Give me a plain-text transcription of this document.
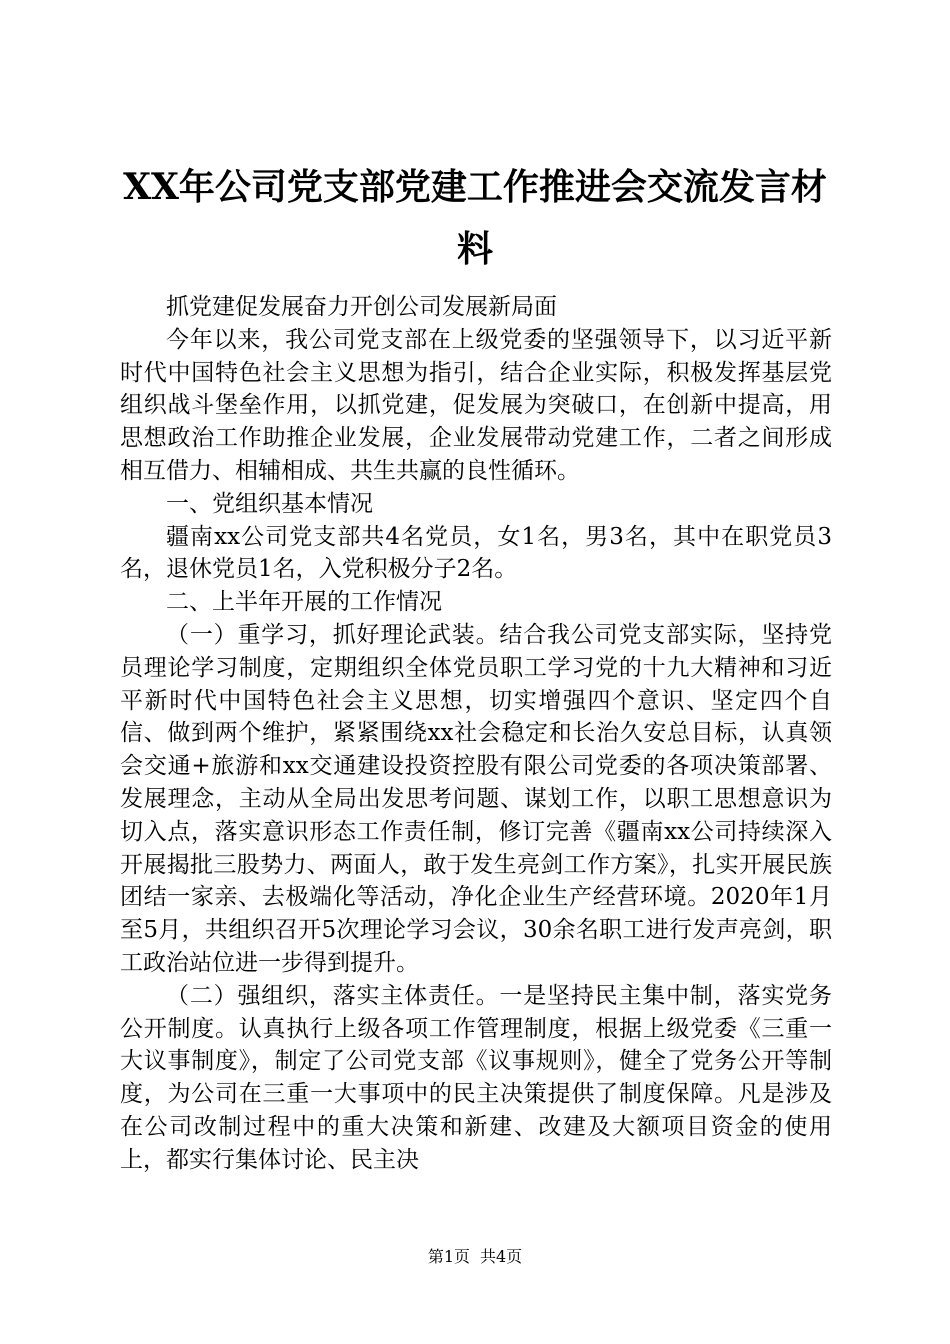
XX年公司党支部党建工作推进会交流发言材料

抓党建促发展奋力开创公司发展新局面

今年以来，我公司党支部在上级党委的坚强领导下，以习近平新时代中国特色社会主义思想为指引，结合企业实际，积极发挥基层党组织战斗堡垒作用，以抓党建，促发展为突破口，在创新中提高，用思想政治工作助推企业发展，企业发展带动党建工作，二者之间形成相互借力、相辅相成、共生共赢的良性循环。

一、党组织基本情况

疆南xx公司党支部共4名党员，女1名，男3名，其中在职党员3名，退休党员1名，入党积极分子2名。

二、上半年开展的工作情况

（一）重学习，抓好理论武装。结合我公司党支部实际，坚持党员理论学习制度，定期组织全体党员职工学习党的十九大精神和习近平新时代中国特色社会主义思想，切实增强四个意识、坚定四个自信、做到两个维护，紧紧围绕xx社会稳定和长治久安总目标，认真领会交通+旅游和xx交通建设投资控股有限公司党委的各项决策部署、发展理念，主动从全局出发思考问题、谋划工作，以职工思想意识为切入点，落实意识形态工作责任制，修订完善《疆南xx公司持续深入开展揭批三股势力、两面人，敢于发生亮剑工作方案》，扎实开展民族团结一家亲、去极端化等活动，净化企业生产经营环境。2020年1月至5月，共组织召开5次理论学习会议，30余名职工进行发声亮剑，职工政治站位进一步得到提升。

（二）强组织，落实主体责任。一是坚持民主集中制，落实党务公开制度。认真执行上级各项工作管理制度，根据上级党委《三重一大议事制度》，制定了公司党支部《议事规则》，健全了党务公开等制度，为公司在三重一大事项中的民主决策提供了制度保障。凡是涉及在公司改制过程中的重大决策和新建、改建及大额项目资金的使用上，都实行集体讨论、民主决

第1页 共4页
